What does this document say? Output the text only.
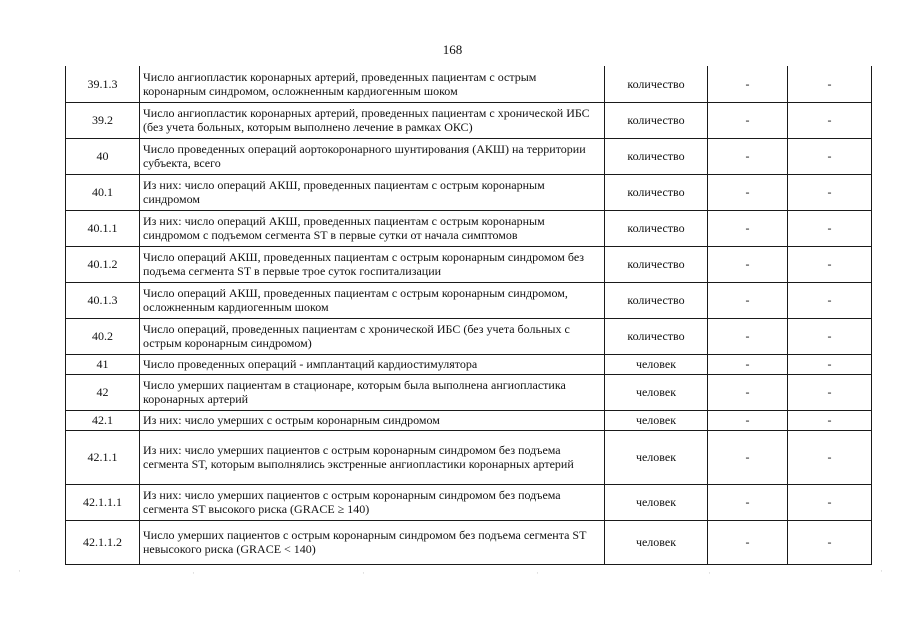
168
39.1.3	Число ангиопластик коронарных артерий, проведенных пациентам с острым коронарным синдромом, осложненным кардиогенным шоком	количество	-	-
39.2	Число ангиопластик коронарных артерий, проведенных пациентам с хронической ИБС (без учета больных, которым выполнено лечение в рамках ОКС)	количество	-	-
40	Число проведенных операций аортокоронарного шунтирования (АКШ) на территории субъекта, всего	количество	-	-
40.1	Из них: число операций АКШ, проведенных пациентам с острым коронарным синдромом	количество	-	-
40.1.1	Из них: число операций АКШ, проведенных пациентам с острым коронарным синдромом с подъемом сегмента ST в первые сутки от начала симптомов	количество	-	-
40.1.2	Число операций АКШ, проведенных пациентам с острым коронарным синдромом без подъема сегмента ST в первые трое суток госпитализации	количество	-	-
40.1.3	Число операций АКШ, проведенных пациентам с острым коронарным синдромом, осложненным кардиогенным шоком	количество	-	-
40.2	Число операций, проведенных пациентам с хронической ИБС (без учета больных с острым коронарным синдромом)	количество	-	-
41	Число проведенных операций - имплантаций кардиостимулятора	человек	-	-
42	Число умерших пациентам в стационаре, которым была выполнена ангиопластика коронарных артерий	человек	-	-
42.1	Из них: число умерших с острым коронарным синдромом	человек	-	-
42.1.1	Из них: число умерших пациентов с острым коронарным синдромом без подъема сегмента ST, которым выполнялись экстренные ангиопластики коронарных артерий	человек	-	-
42.1.1.1	Из них: число умерших пациентов с острым коронарным синдромом без подъема сегмента ST высокого риска (GRACE ≥ 140)	человек	-	-
42.1.1.2	Число умерших пациентов с острым коронарным синдромом без подъема сегмента ST невысокого риска (GRACE < 140)	человек	-	-
·	·	·	·	·	·
